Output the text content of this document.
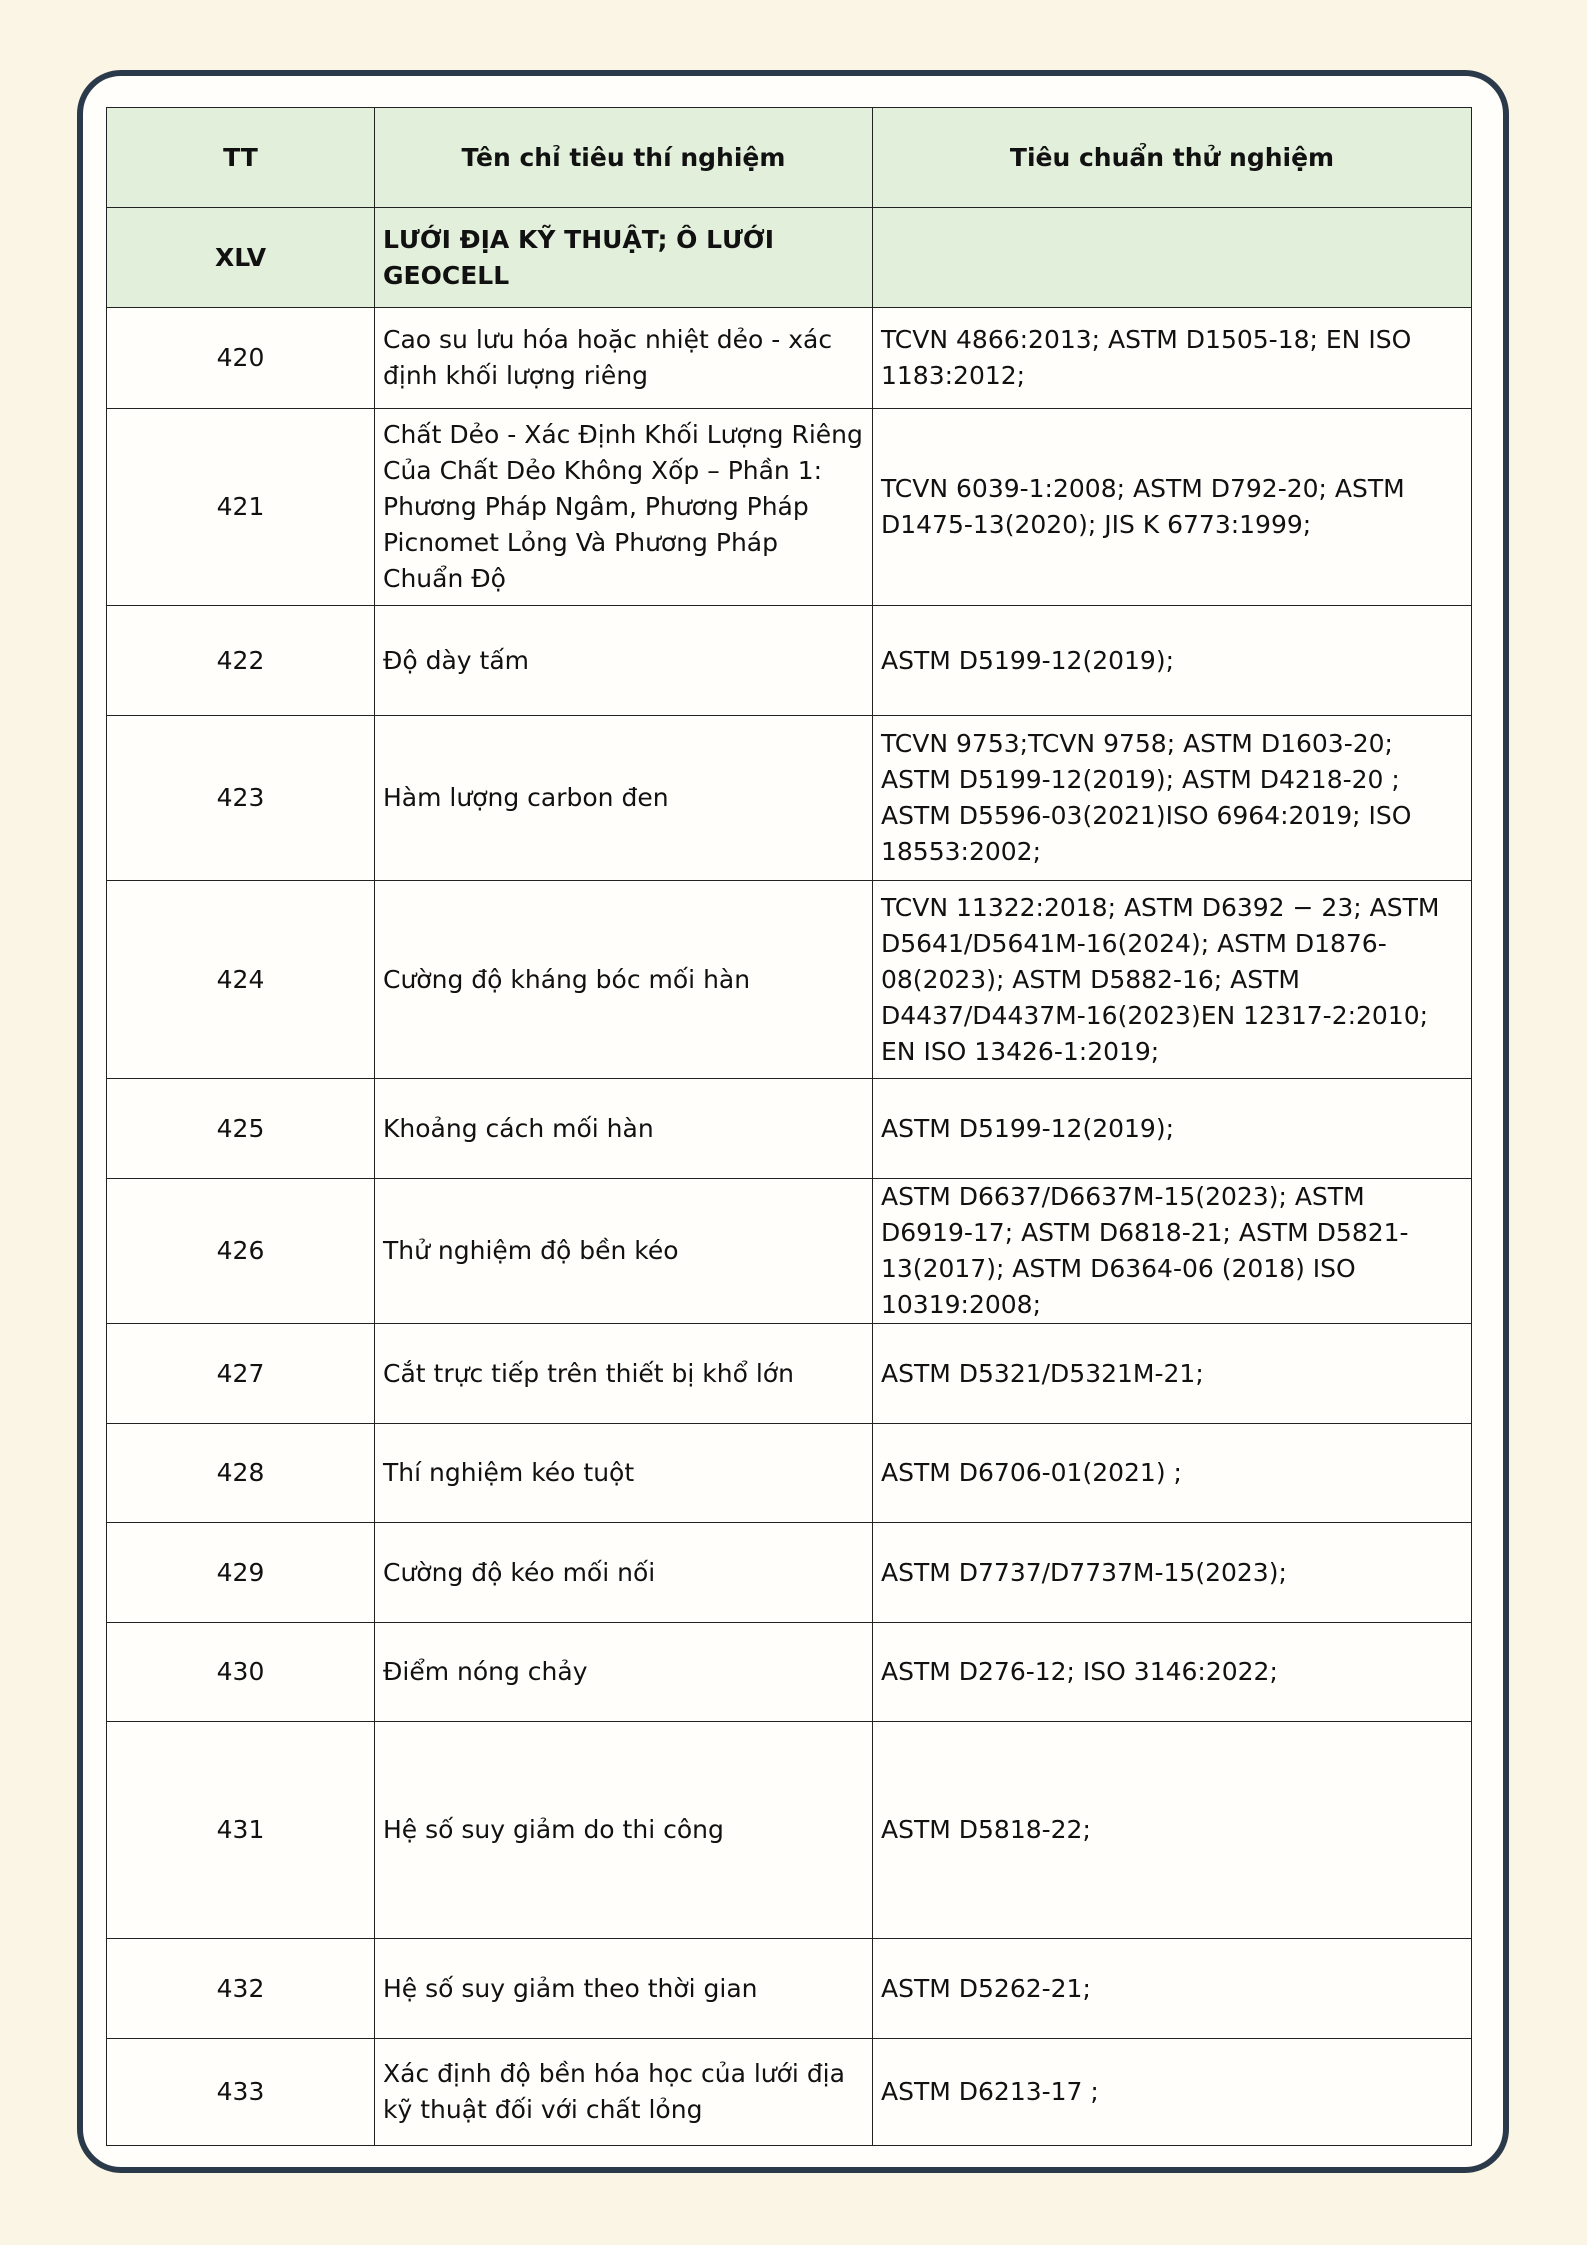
TT	Tên chỉ tiêu thí nghiệm	Tiêu chuẩn thử nghiệm
XLV	LƯỚI ĐỊA KỸ THUẬT; Ô LƯỚI GEOCELL	
420	Cao su lưu hóa hoặc nhiệt dẻo - xác định khối lượng riêng	TCVN 4866:2013; ASTM D1505-18; EN ISO 1183:2012;
421	Chất Dẻo - Xác Định Khối Lượng Riêng Của Chất Dẻo Không Xốp – Phần 1: Phương Pháp Ngâm, Phương Pháp Picnomet Lỏng Và Phương Pháp Chuẩn Độ	TCVN 6039-1:2008; ASTM D792-20; ASTM D1475-13(2020); JIS K 6773:1999;
422	Độ dày tấm	ASTM D5199-12(2019);
423	Hàm lượng carbon đen	TCVN 9753;TCVN 9758; ASTM D1603-20; ASTM D5199-12(2019); ASTM D4218-20 ; ASTM D5596-03(2021)ISO 6964:2019; ISO 18553:2002;
424	Cường độ kháng bóc mối hàn	TCVN 11322:2018; ASTM D6392 − 23; ASTM D5641/D5641M-16(2024); ASTM D1876-08(2023); ASTM D5882-16; ASTM D4437/D4437M-16(2023)EN 12317-2:2010; EN ISO 13426-1:2019;
425	Khoảng cách mối hàn	ASTM D5199-12(2019);
426	Thử nghiệm độ bền kéo	ASTM D6637/D6637M-15(2023); ASTM D6919-17; ASTM D6818-21; ASTM D5821-13(2017); ASTM D6364-06 (2018) ISO 10319:2008;
427	Cắt trực tiếp trên thiết bị khổ lớn	ASTM D5321/D5321M-21;
428	Thí nghiệm kéo tuột	ASTM D6706-01(2021) ;
429	Cường độ kéo mối nối	ASTM D7737/D7737M-15(2023);
430	Điểm nóng chảy	ASTM D276-12; ISO 3146:2022;
431	Hệ số suy giảm do thi công	ASTM D5818-22;
432	Hệ số suy giảm theo thời gian	ASTM D5262-21;
433	Xác định độ bền hóa học của lưới địa kỹ thuật đối với chất lỏng	ASTM D6213-17 ;
